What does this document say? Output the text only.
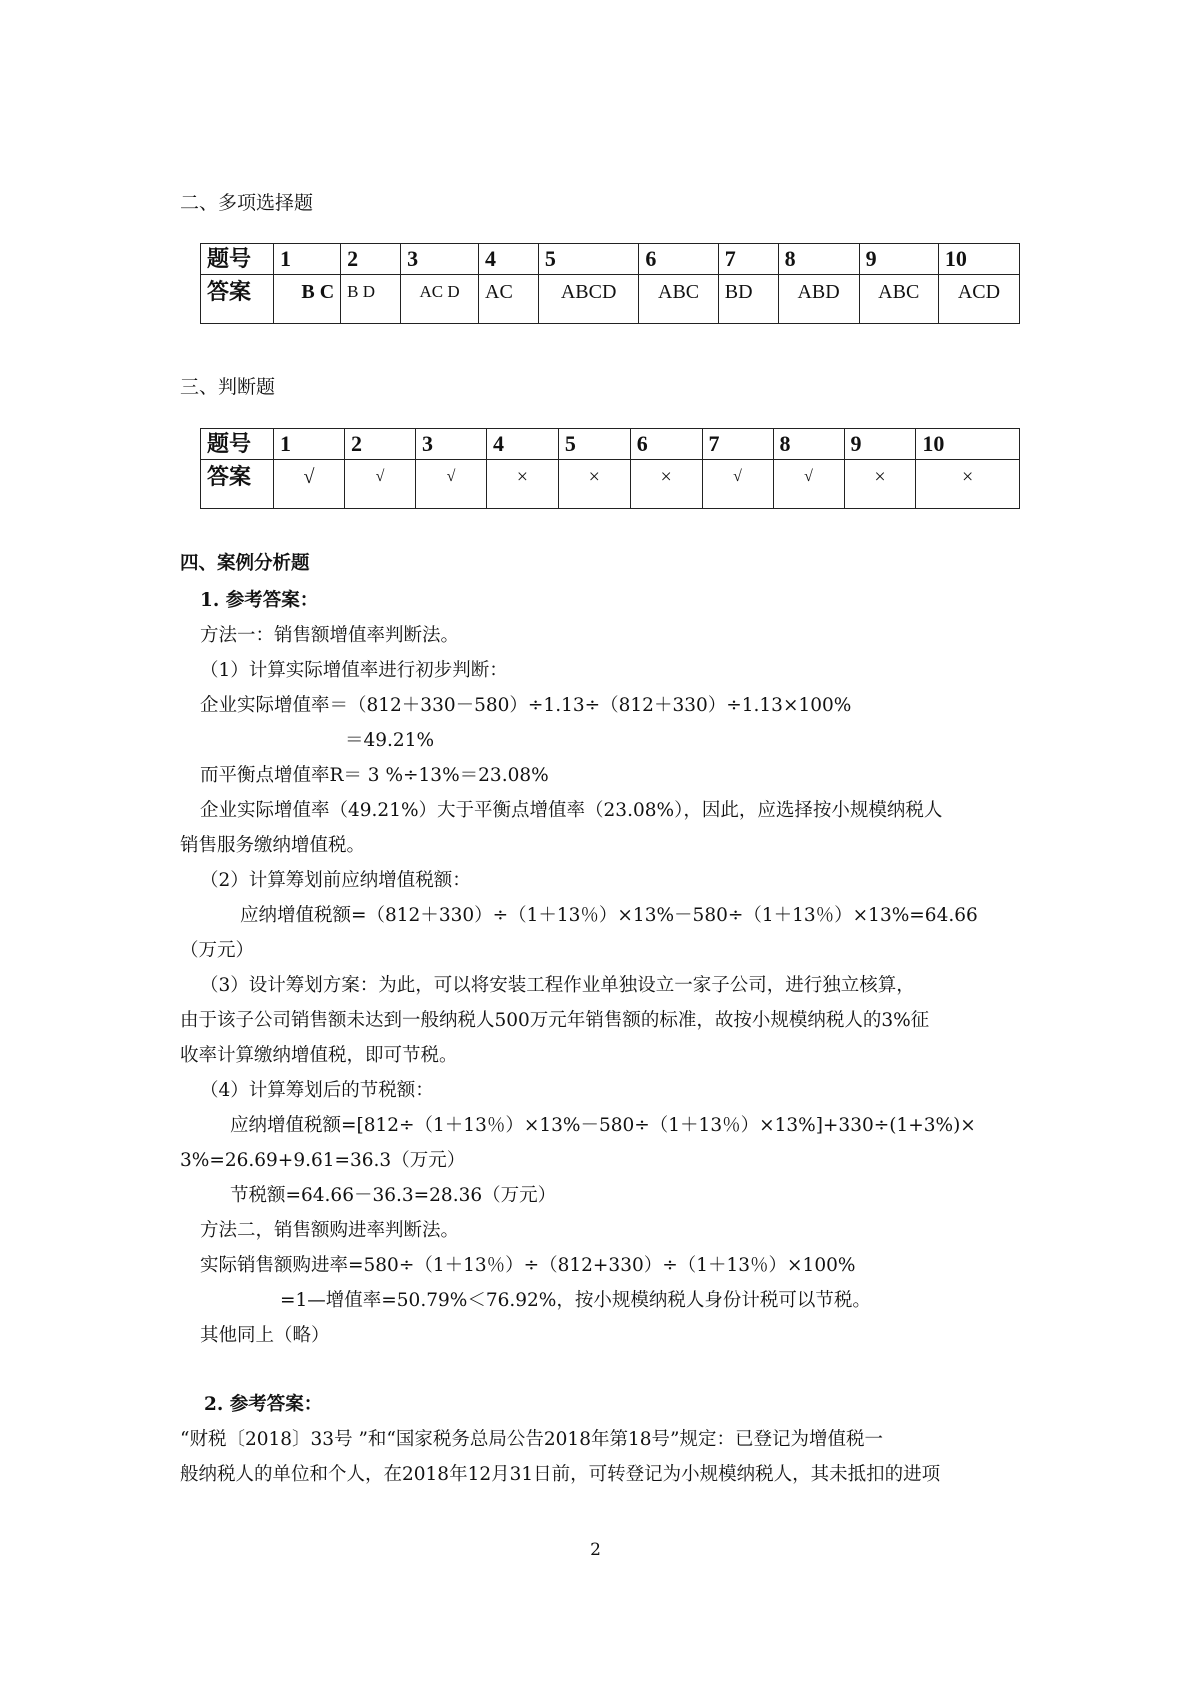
二、多项选择题
题号	1	2	3	4	5	6	7	8	9	10
答案	B C	B D	AC D	AC	ABCD	ABC	BD	ABD	ABC	ACD
三、判断题
题号	1	2	3	4	5	6	7	8	9	10
答案	√	√	√	×	×	×	√	√	×	×
四、案例分析题
1. 参考答案：
方法一：销售额增值率判断法。
（1）计算实际增值率进行初步判断：
企业实际增值率＝（812＋330－580）÷1.13÷（812＋330）÷1.13×100%
＝49.21%
而平衡点增值率R＝ 3 %÷13%＝23.08%
企业实际增值率（49.21%）大于平衡点增值率（23.08%），因此，应选择按小规模纳税人
销售服务缴纳增值税。
（2）计算筹划前应纳增值税额：
应纳增值税额=（812＋330）÷（1＋13％）×13%－580÷（1＋13％）×13%=64.66
（万元）
（3）设计筹划方案：为此，可以将安装工程作业单独设立一家子公司，进行独立核算，
由于该子公司销售额未达到一般纳税人500万元年销售额的标准，故按小规模纳税人的3%征
收率计算缴纳增值税，即可节税。
（4）计算筹划后的节税额：
应纳增值税额=[812÷（1＋13％）×13%－580÷（1＋13％）×13%]+330÷(1+3%)×
3%=26.69+9.61=36.3（万元）
节税额=64.66－36.3=28.36（万元）
方法二，销售额购进率判断法。
实际销售额购进率=580÷（1＋13％）÷（812+330）÷（1＋13％）×100%
=1—增值率=50.79%＜76.92%，按小规模纳税人身份计税可以节税。
其他同上（略）
2. 参考答案：
“财税〔2018〕33号 ”和“国家税务总局公告2018年第18号”规定：已登记为增值税一
般纳税人的单位和个人，在2018年12月31日前，可转登记为小规模纳税人，其未抵扣的进项
2
